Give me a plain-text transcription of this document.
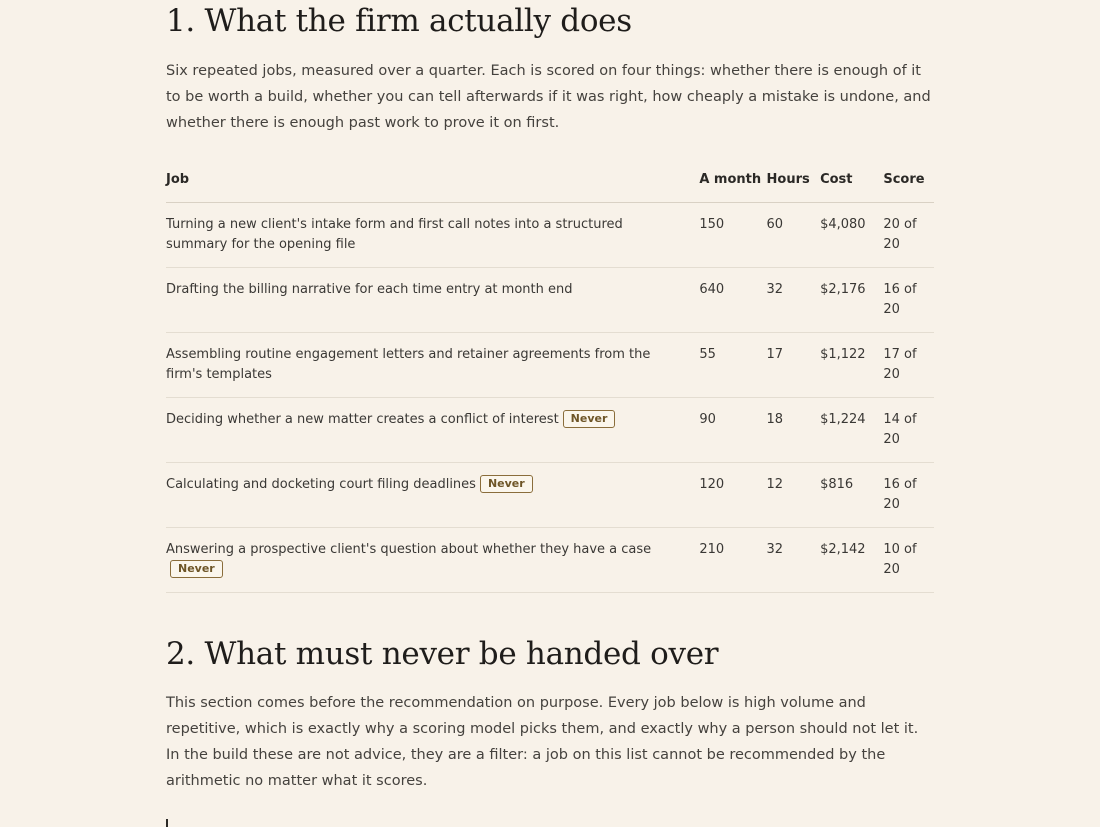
1. What the firm actually does

Six repeated jobs, measured over a quarter. Each is scored on four things: whether there is enough of it to be worth a build, whether you can tell afterwards if it was right, how cheaply a mistake is undone, and whether there is enough past work to prove it on first.

Job	A month	Hours	Cost	Score
Turning a new client's intake form and first call notes into a structured summary for the opening file	150	60	$4,080	20 of 20
Drafting the billing narrative for each time entry at month end	640	32	$2,176	16 of 20
Assembling routine engagement letters and retainer agreements from the firm's templates	55	17	$1,122	17 of 20
Deciding whether a new matter creates a conflict of interest Never	90	18	$1,224	14 of 20
Calculating and docketing court filing deadlines Never	120	12	$816	16 of 20
Answering a prospective client's question about whether they have a caseNever	210	32	$2,142	10 of 20
2. What must never be handed over

This section comes before the recommendation on purpose. Every job below is high volume and repetitive, which is exactly why a scoring model picks them, and exactly why a person should not let it. In the build these are not advice, they are a filter: a job on this list cannot be recommended by the arithmetic no matter what it scores.
